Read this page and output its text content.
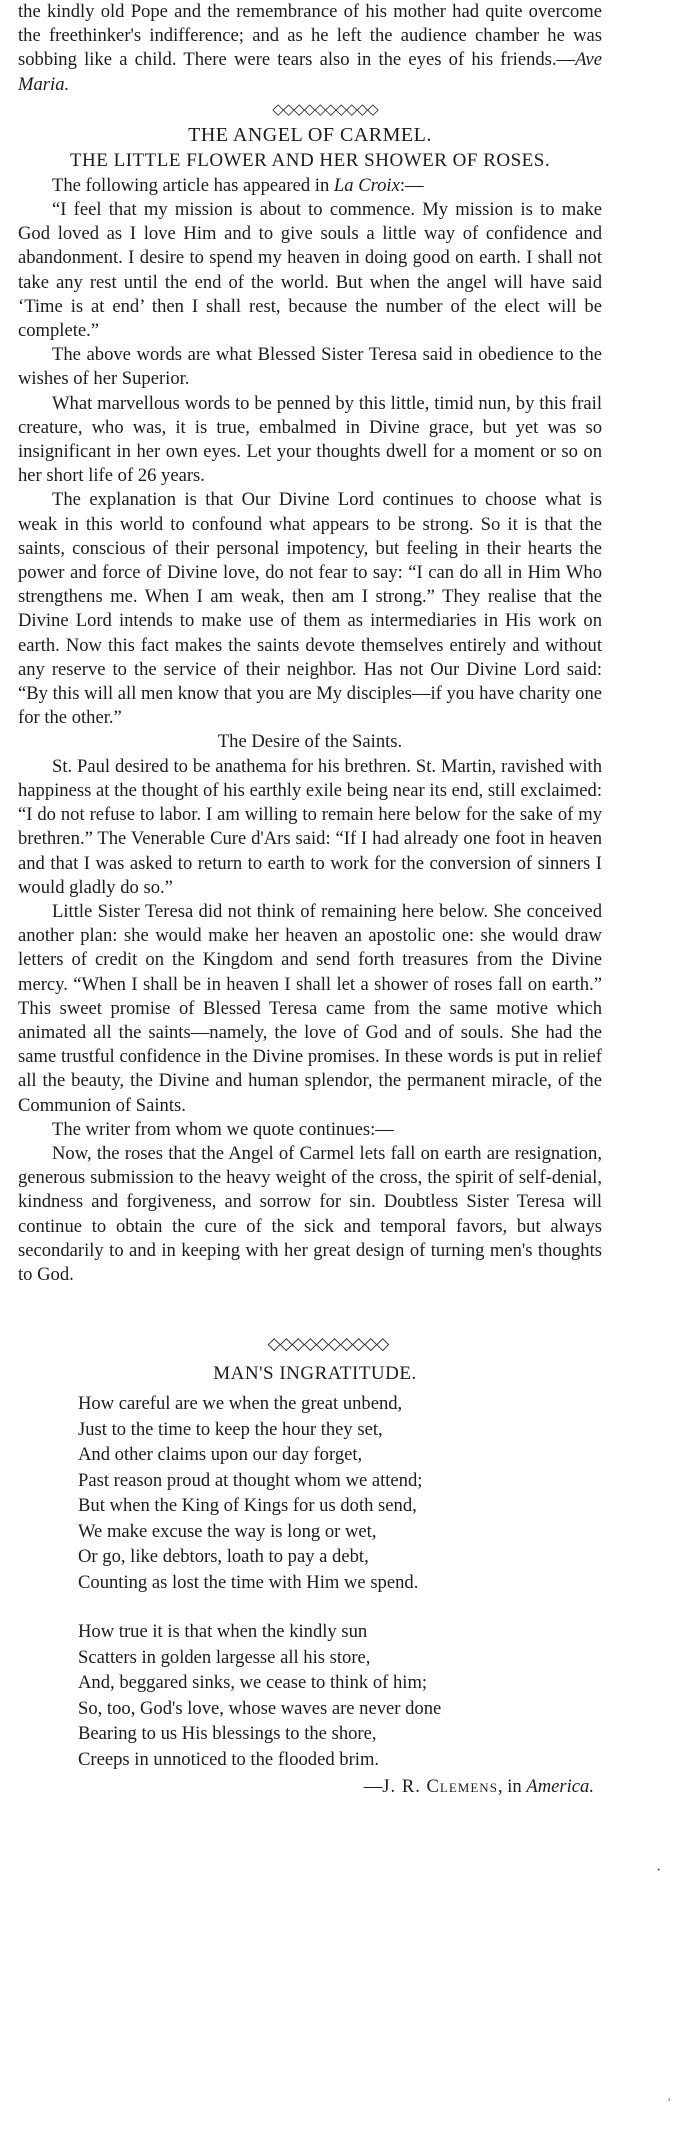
the kindly old Pope and the remembrance of his mother had quite overcome the freethinker's indifference; and as he left the audience chamber he was sobbing like a child. There were tears also in the eyes of his friends.—Ave Maria.

◇◇◇◇◇◇◇◇◇◇
THE ANGEL OF CARMEL.
THE LITTLE FLOWER AND HER SHOWER OF ROSES.

The following article has appeared in La Croix:—

“I feel that my mission is about to commence. My mission is to make God loved as I love Him and to give souls a little way of confidence and abandonment. I desire to spend my heaven in doing good on earth. I shall not take any rest until the end of the world. But when the angel will have said ‘Time is at end’ then I shall rest, because the number of the elect will be complete.”

The above words are what Blessed Sister Teresa said in obedience to the wishes of her Superior.

What marvellous words to be penned by this little, timid nun, by this frail creature, who was, it is true, embalmed in Divine grace, but yet was so insignificant in her own eyes. Let your thoughts dwell for a moment or so on her short life of 26 years.

The explanation is that Our Divine Lord continues to choose what is weak in this world to confound what appears to be strong. So it is that the saints, conscious of their personal impotency, but feeling in their hearts the power and force of Divine love, do not fear to say: “I can do all in Him Who strengthens me. When I am weak, then am I strong.” They realise that the Divine Lord intends to make use of them as intermediaries in His work on earth. Now this fact makes the saints devote themselves entirely and without any reserve to the service of their neighbor. Has not Our Divine Lord said: “By this will all men know that you are My disciples—if you have charity one for the other.”

The Desire of the Saints.

St. Paul desired to be anathema for his brethren. St. Martin, ravished with happiness at the thought of his earthly exile being near its end, still exclaimed: “I do not refuse to labor. I am willing to remain here below for the sake of my brethren.” The Venerable Cure d'Ars said: “If I had already one foot in heaven and that I was asked to return to earth to work for the conversion of sinners I would gladly do so.”

Little Sister Teresa did not think of remaining here below. She conceived another plan: she would make her heaven an apostolic one: she would draw letters of credit on the Kingdom and send forth treasures from the Divine mercy. “When I shall be in heaven I shall let a shower of roses fall on earth.” This sweet promise of Blessed Teresa came from the same motive which animated all the saints—namely, the love of God and of souls. She had the same trustful confidence in the Divine promises. In these words is put in relief all the beauty, the Divine and human splendor, the permanent miracle, of the Communion of Saints.

The writer from whom we quote continues:—

Now, the roses that the Angel of Carmel lets fall on earth are resignation, generous submission to the heavy weight of the cross, the spirit of self-denial, kindness and forgiveness, and sorrow for sin. Doubtless Sister Teresa will continue to obtain the cure of the sick and temporal favors, but always secondarily to and in keeping with her great design of turning men's thoughts to God.

◇◇◇◇◇◇◇◇◇◇
MAN'S INGRATITUDE.
How careful are we when the great unbend,
Just to the time to keep the hour they set,
And other claims upon our day forget,
Past reason proud at thought whom we attend;
But when the King of Kings for us doth send,
We make excuse the way is long or wet,
Or go, like debtors, loath to pay a debt,
Counting as lost the time with Him we spend.
How true it is that when the kindly sun
Scatters in golden largesse all his store,
And, beggared sinks, we cease to think of him;
So, too, God's love, whose waves are never done
Bearing to us His blessings to the shore,
Creeps in unnoticed to the flooded brim.
—J. R. Clemens, in America.
·
′
